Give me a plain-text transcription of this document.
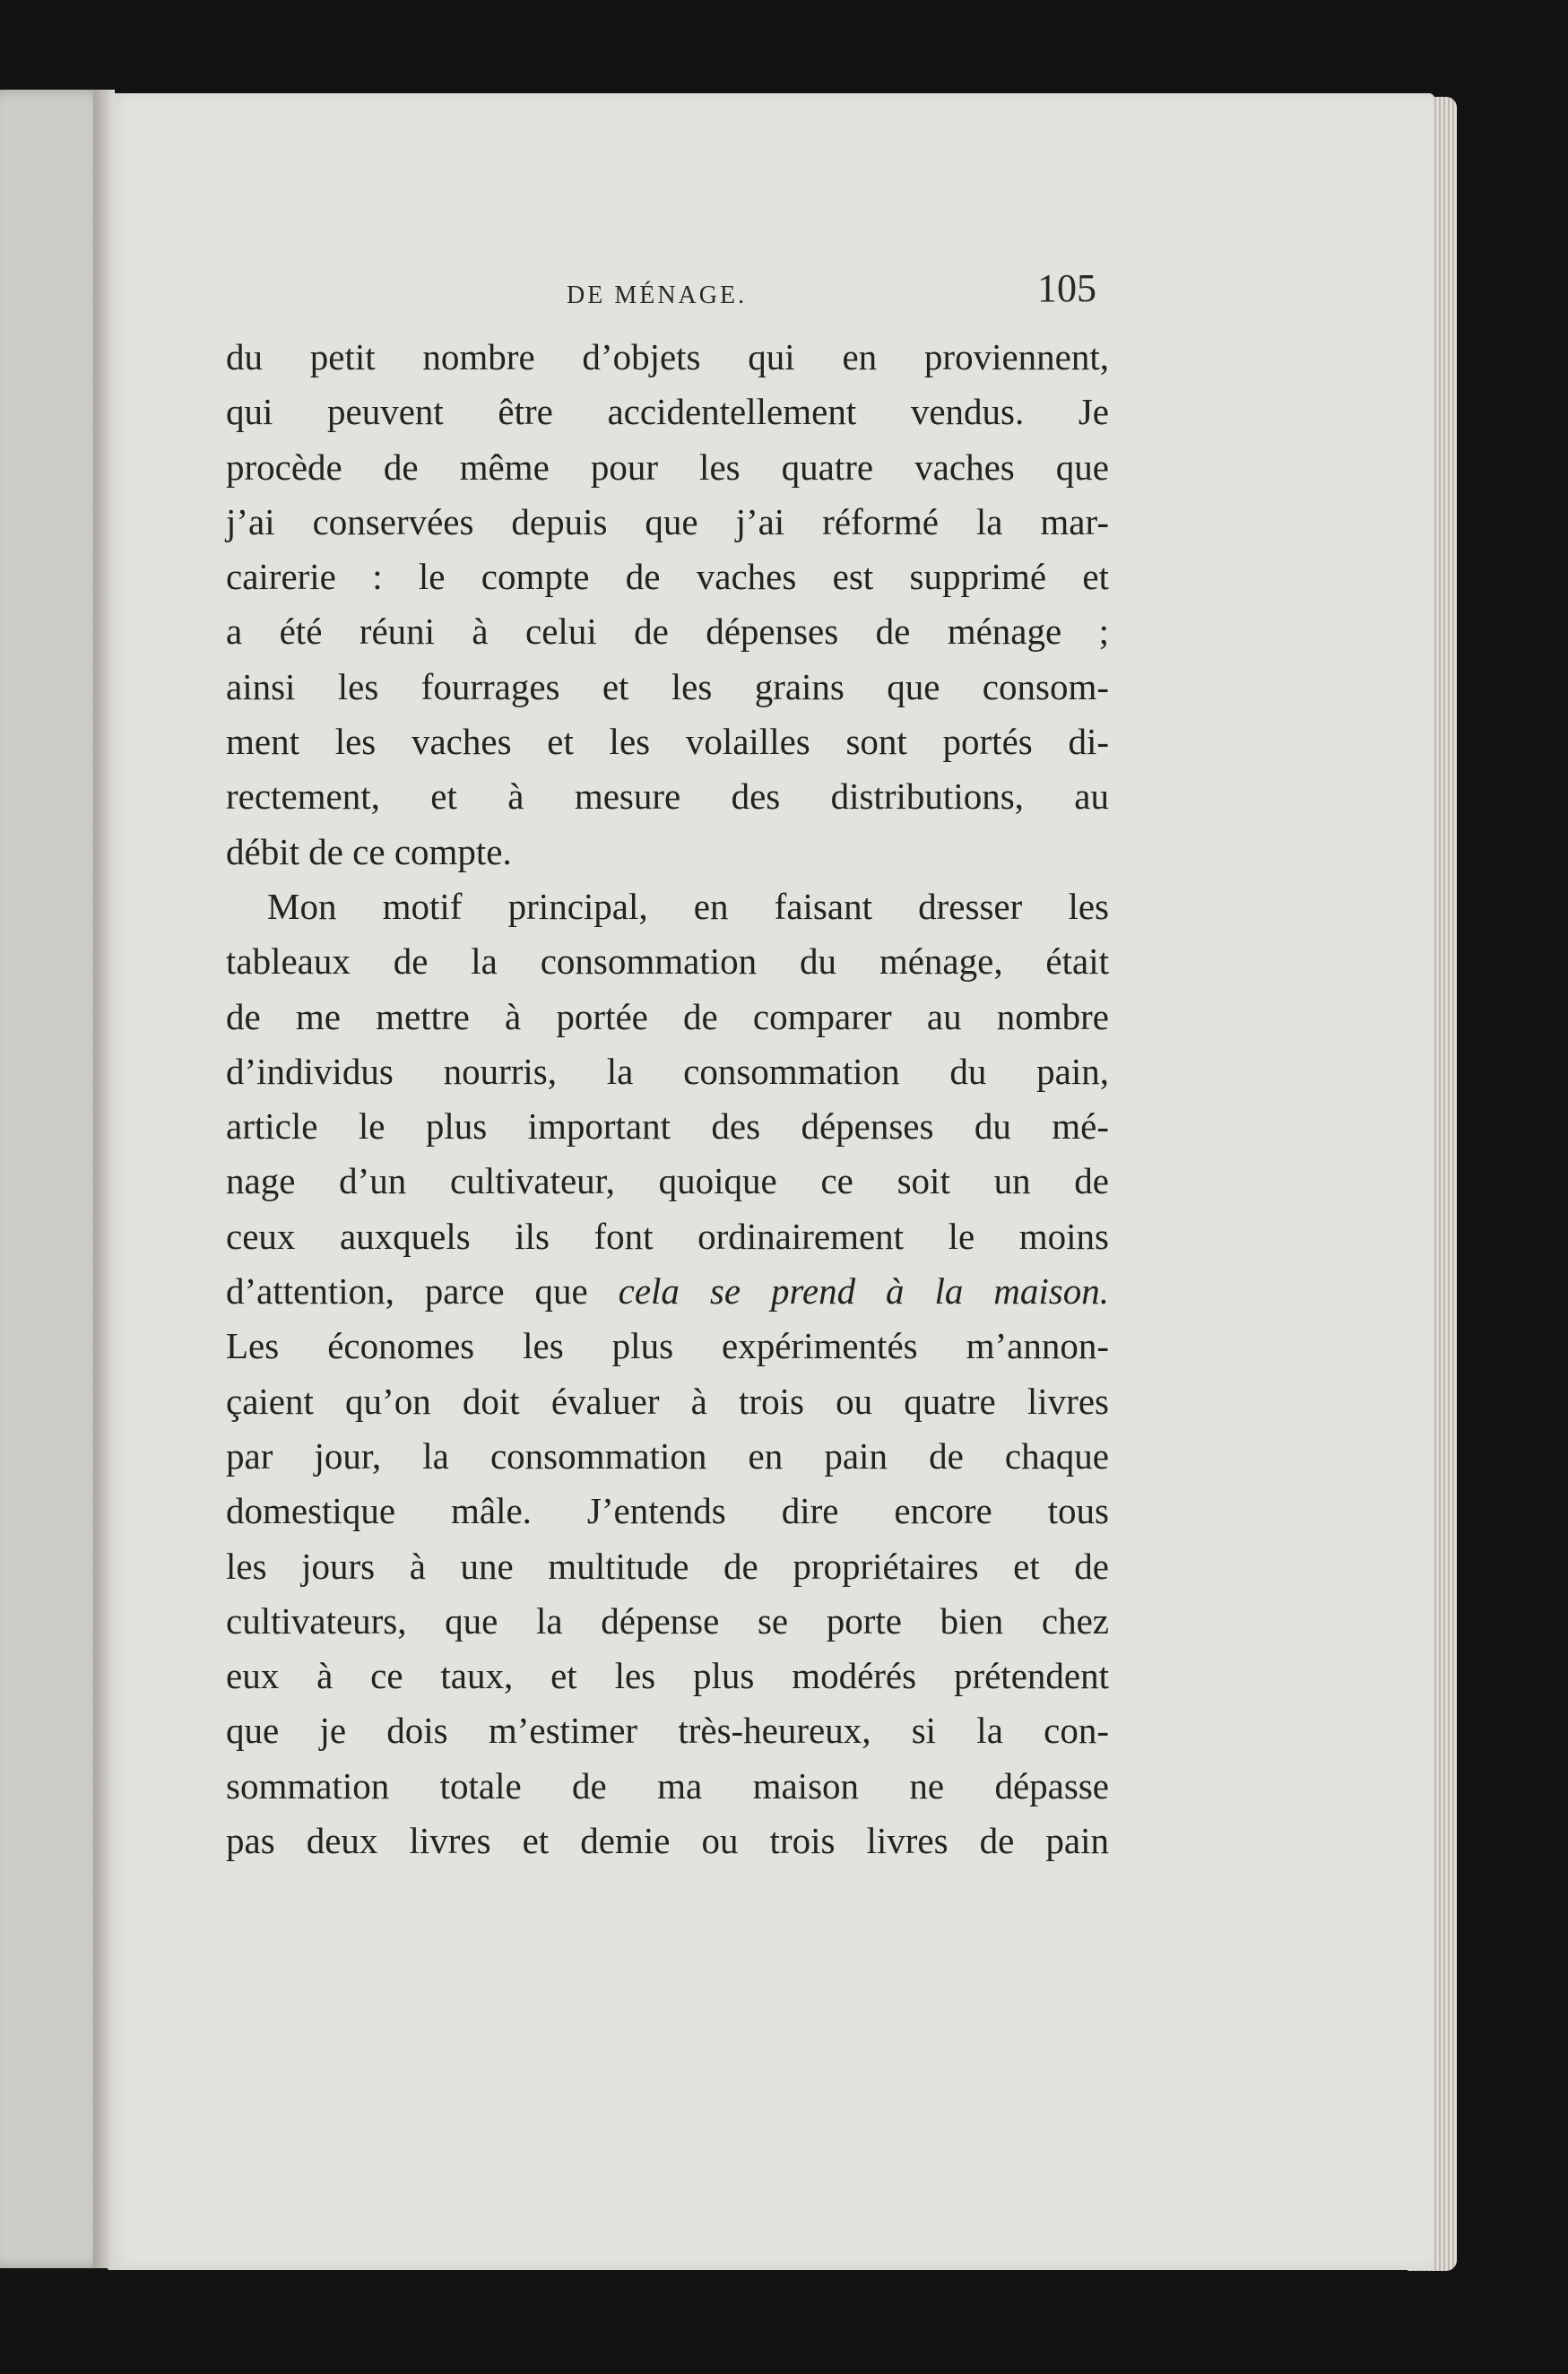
DE MÉNAGE.	105
du petit nombre d’objets qui en proviennent,
qui peuvent être accidentellement vendus. Je
procède de même pour les quatre vaches que
j’ai conservées depuis que j’ai réformé la mar-
cairerie : le compte de vaches est supprimé et
a été réuni à celui de dépenses de ménage ;
ainsi les fourrages et les grains que consom-
ment les vaches et les volailles sont portés di-
rectement, et à mesure des distributions, au
débit de ce compte.
Mon motif principal, en faisant dresser les
tableaux de la consommation du ménage, était
de me mettre à portée de comparer au nombre
d’individus nourris, la consommation du pain,
article le plus important des dépenses du mé-
nage d’un cultivateur, quoique ce soit un de
ceux auxquels ils font ordinairement le moins
d’attention, parce que cela se prend à la maison.
Les économes les plus expérimentés m’annon-
çaient qu’on doit évaluer à trois ou quatre livres
par jour, la consommation en pain de chaque
domestique mâle. J’entends dire encore tous
les jours à une multitude de propriétaires et de
cultivateurs, que la dépense se porte bien chez
eux à ce taux, et les plus modérés prétendent
que je dois m’estimer très-heureux, si la con-
sommation totale de ma maison ne dépasse
pas deux livres et demie ou trois livres de pain
